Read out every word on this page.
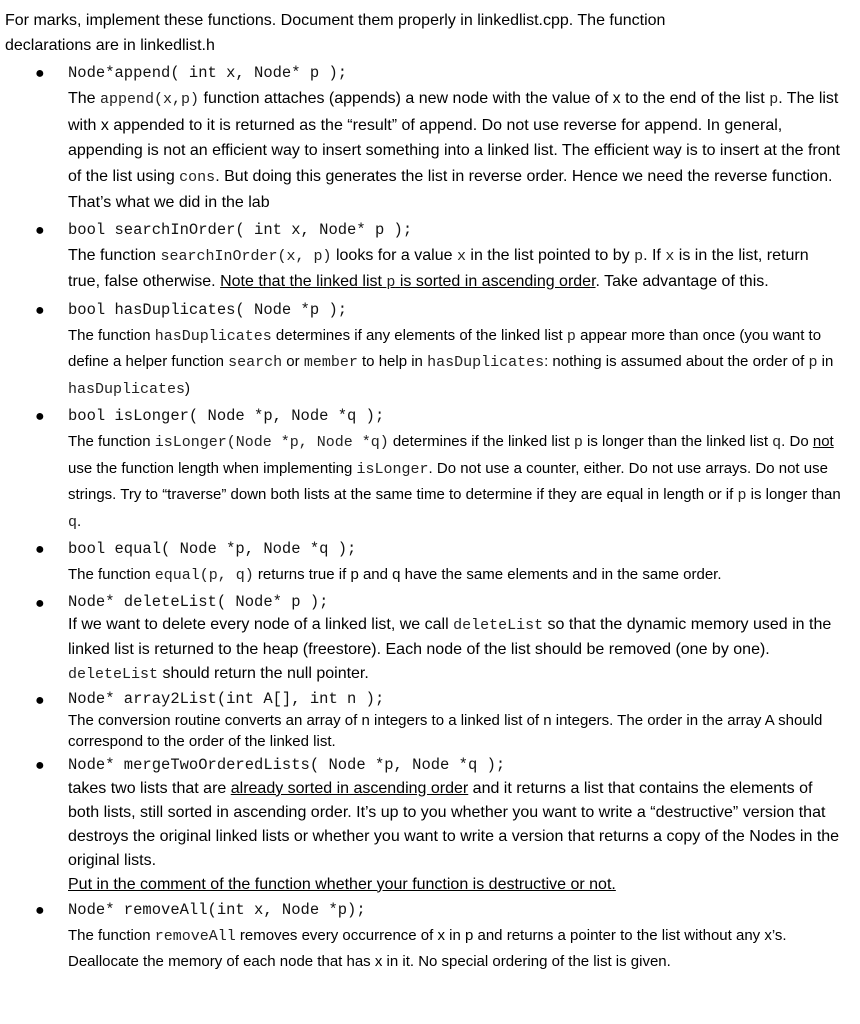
For marks, implement these functions. Document them properly in linkedlist.cpp. The function
declarations are in linkedlist.h
● Node*append( int x, Node* p );
The append(x,p) function attaches (appends) a new node with the value of x to the end of the list p. The list with x appended to it is returned as the “result” of append. Do not use reverse for append. In general, appending is not an efficient way to insert something into a linked list. The efficient way is to insert at the front of the list using cons. But doing this generates the list in reverse order. Hence we need the reverse function. That’s what we did in the lab
● bool searchInOrder( int x, Node* p );
The function searchInOrder(x, p) looks for a value x in the list pointed to by p. If x is in the list, return true, false otherwise. Note that the linked list p is sorted in ascending order. Take advantage of this.
● bool hasDuplicates( Node *p );
The function hasDuplicates determines if any elements of the linked list p appear more than once (you want to define a helper function search or member to help in hasDuplicates: nothing is assumed about the order of p in hasDuplicates)
● bool isLonger( Node *p, Node *q );
The function isLonger(Node *p, Node *q) determines if the linked list p is longer than the linked list q. Do not use the function length when implementing isLonger. Do not use a counter, either. Do not use arrays. Do not use strings. Try to “traverse” down both lists at the same time to determine if they are equal in length or if p is longer than q.
● bool equal( Node *p, Node *q );
The function equal(p, q) returns true if p and q have the same elements and in the same order.
● Node* deleteList( Node* p );
If we want to delete every node of a linked list, we call deleteList so that the dynamic memory used in the linked list is returned to the heap (freestore). Each node of the list should be removed (one by one). deleteList should return the null pointer.
● Node* array2List(int A[], int n );
The conversion routine converts an array of n integers to a linked list of n integers. The order in the array A should correspond to the order of the linked list.
● Node* mergeTwoOrderedLists( Node *p, Node *q );
takes two lists that are already sorted in ascending order and it returns a list that contains the elements of both lists, still sorted in ascending order. It’s up to you whether you want to write a “destructive” version that destroys the original linked lists or whether you want to write a version that returns a copy of the Nodes in the original lists.
Put in the comment of the function whether your function is destructive or not.
● Node* removeAll(int x, Node *p);
The function removeAll removes every occurrence of x in p and returns a pointer to the list without any x’s. Deallocate the memory of each node that has x in it. No special ordering of the list is given.
